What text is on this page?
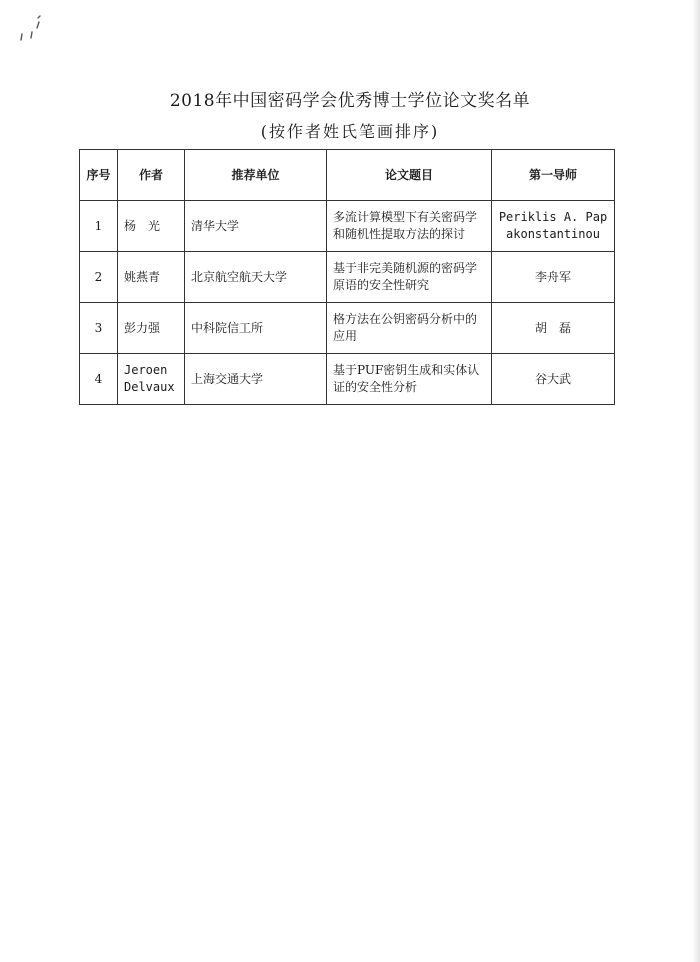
2018年中国密码学会优秀博士学位论文奖名单
(按作者姓氏笔画排序)
序号	作者	推荐单位	论文题目	第一导师
1	杨　光	清华大学	多流计算模型下有关密码学和随机性提取方法的探讨	Periklis A. Papakonstantinou
2	姚燕青	北京航空航天大学	基于非完美随机源的密码学原语的安全性研究	李舟军
3	彭力强	中科院信工所	格方法在公钥密码分析中的应用	胡　磊
4	Jeroen Delvaux	上海交通大学	基于PUF密钥生成和实体认证的安全性分析	谷大武
